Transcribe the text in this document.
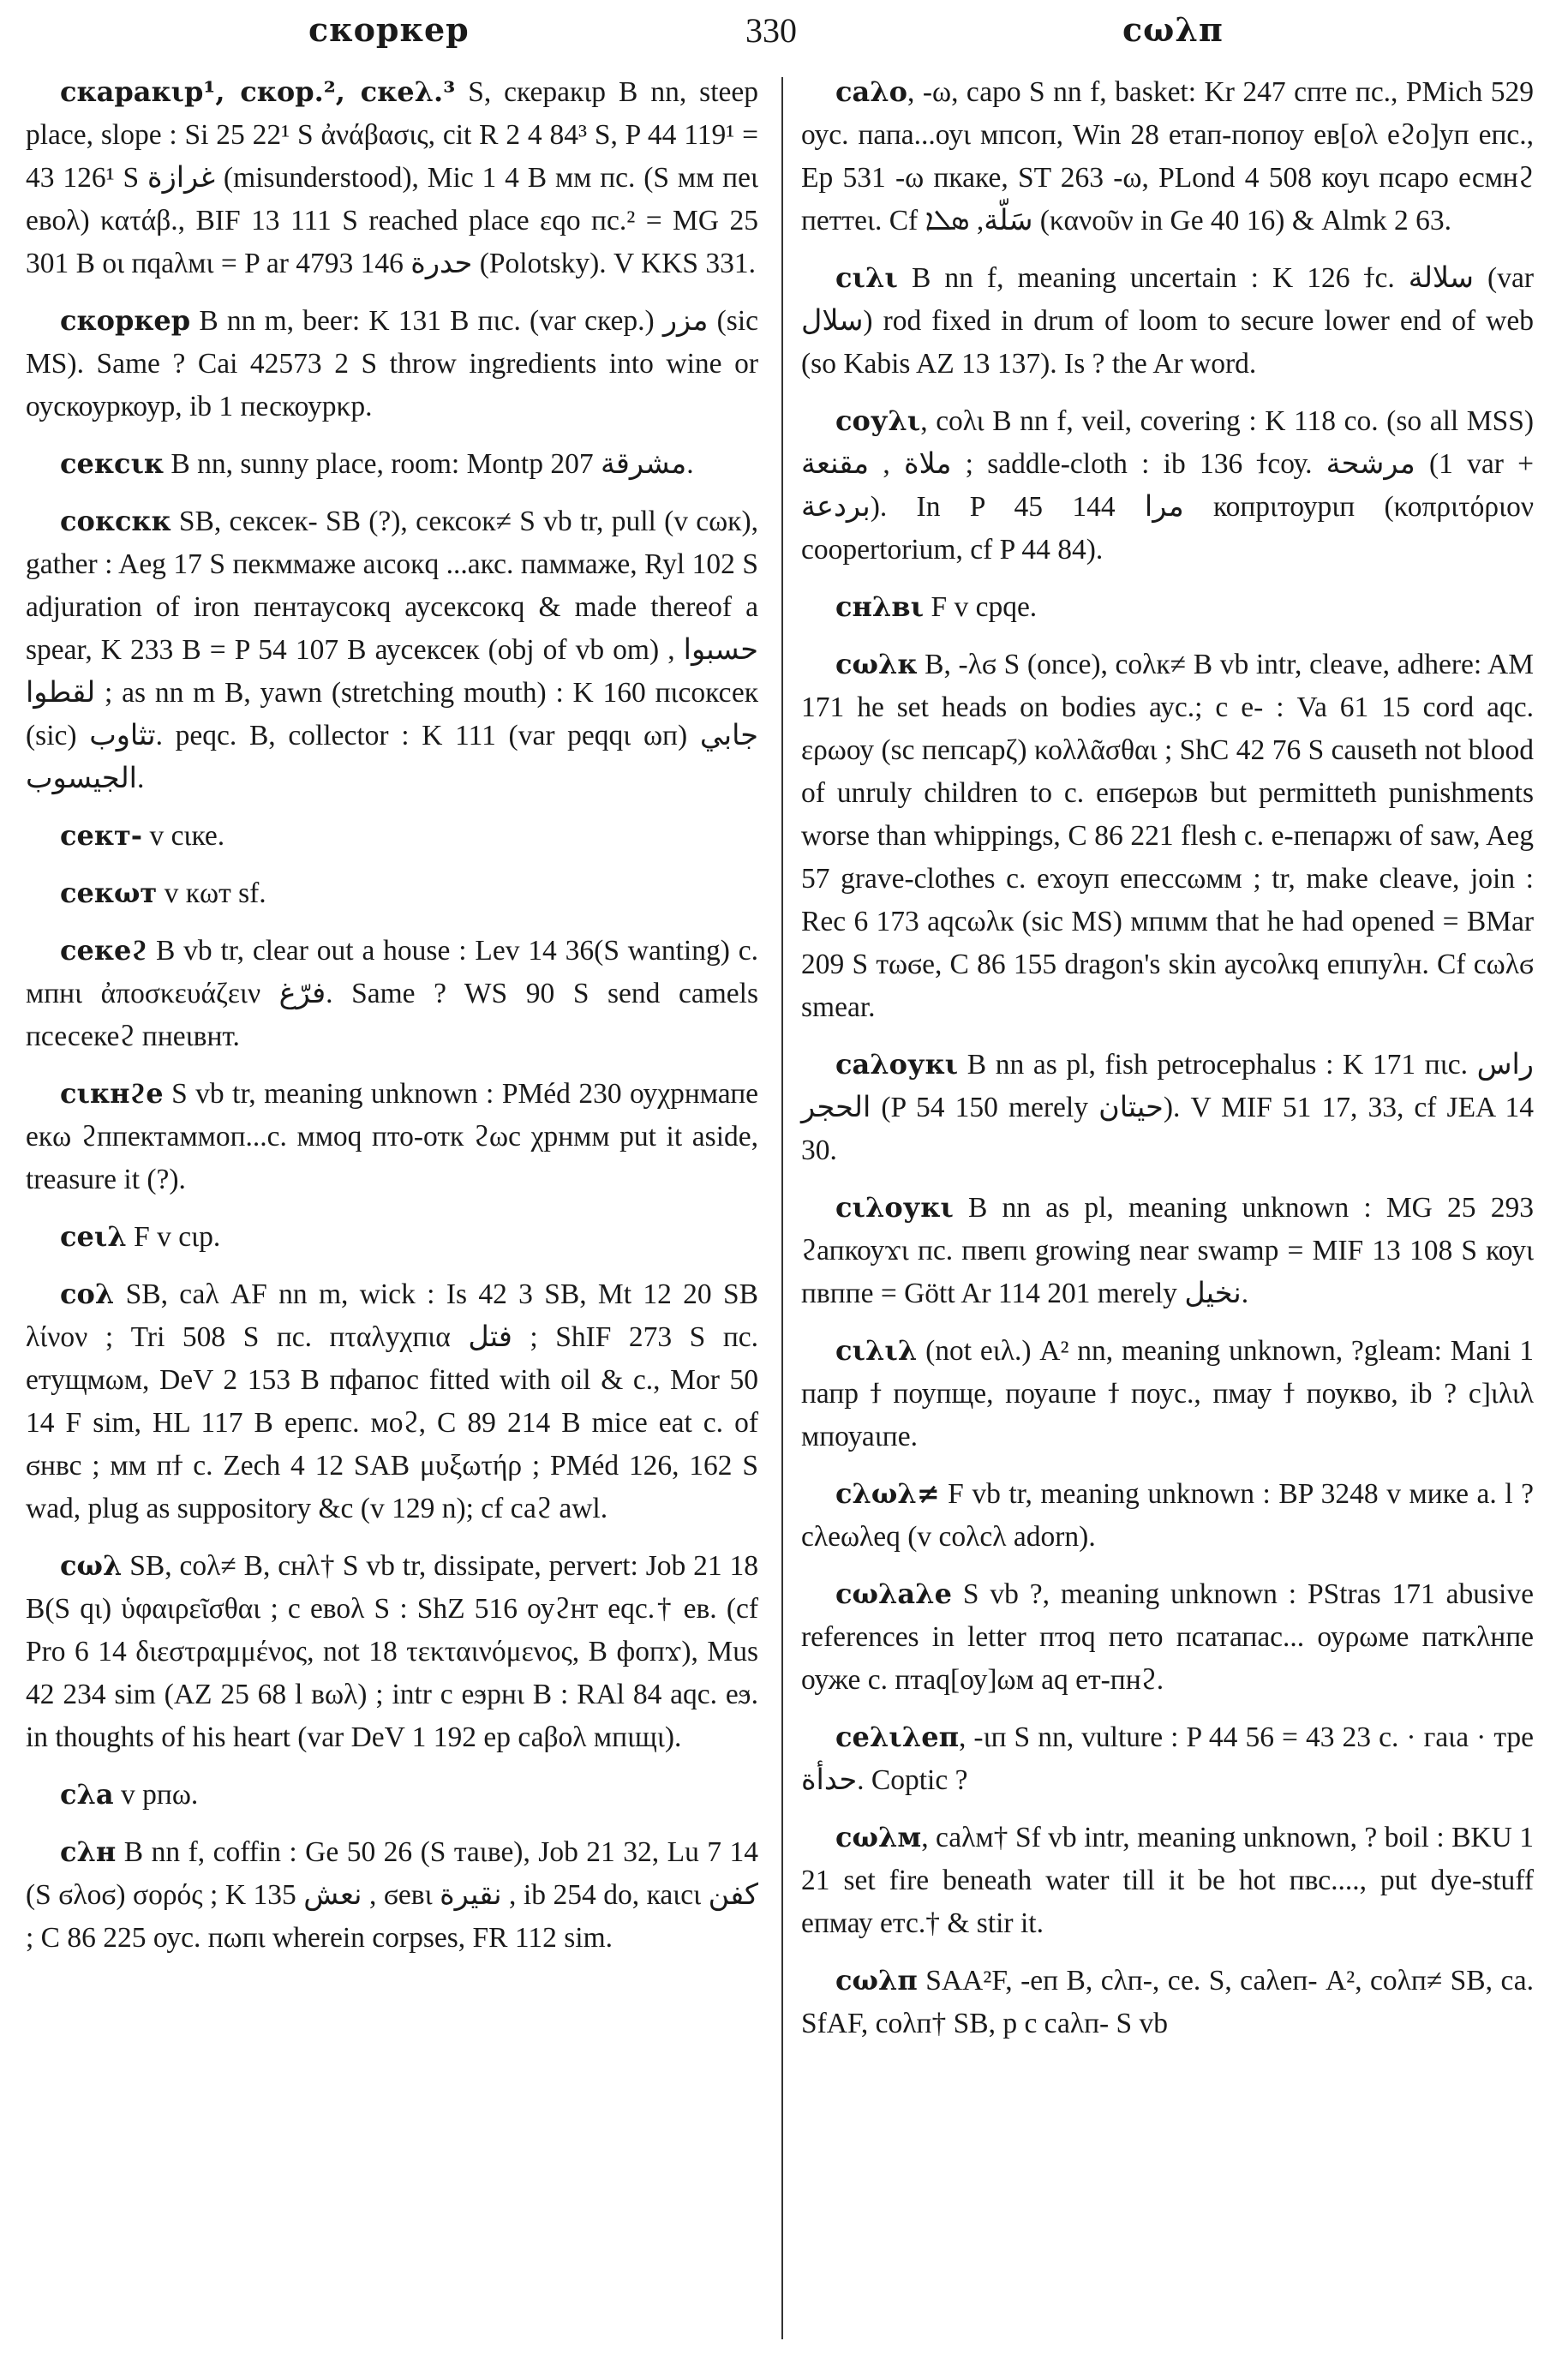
скоркер	330	сωλπ

скаракιр¹, скор.², скеλ.³ S, скеракιр B nn, steep place, slope : Si 25 22¹ S ἀνάβασις, cit R 2 4 84³ S, P 44 119¹ = 43 126¹ S غرازة (misunderstood), Mic 1 4 B мм пс. (S мм пеι евоλ) κατάβ., BIF 13 111 S reached place εqo пс.² = MG 25 301 B οι пqаλмι = P ar 4793 146 حدرة (Polotsky). V KKS 331.

скоркер B nn m, beer: K 131 B пιс. (var скер.) مزر (sic MS). Same ? Cai 42573 2 S throw ingredients into wine or оускоуркоур, ib 1 пескоурκр.

сексιк B nn, sunny place, room: Montp 207 مشرقة.

сокскк SB, сексек- SB (?), сексок≠ S vb tr, pull (v сωк), gather : Aeg 17 S пекммаже аιсокq ...акс. паммаже, Ryl 102 S adjuration of iron пентаусокq аусексокq & made thereof a spear, K 233 B = P 54 107 B аусексек (obj of vb om) حسبوا , لقطوا ; as nn m B, yawn (stretching mouth) : K 160 пιсоксек (sic) تثاوب. реqс. B, collector : K 111 (var реqqι ωп) جابي الجيسوب.

сект- v сιке.

секωт v кωт sf.

секеϩ B vb tr, clear out a house : Lev 14 36(S wanting) с. мпнι ἀποσκευάζειν فرّغ. Same ? WS 90 S send camels псесекеϩ пнеιвнт.

сιкнϩе S vb tr, meaning unknown : PMéd 230 оуχрнмапе екω ϩппектаммоп...с. ммоq пто-отк ϩωс χрнмм put it aside, treasure it (?).

сеιλ F v сιр.

соλ SB, саλ AF nn m, wick : Is 42 3 SB, Mt 12 20 SB λίνον ; Tri 508 S пс. пταλуχпια فتل ; ShIF 273 S пс. етущмωм, DeV 2 153 B пфапос fitted with oil & c., Mor 50 14 F sim, HL 117 B ерепс. моϩ, C 89 214 B mice eat c. of ϭнвс ; мм пϯ с. Zech 4 12 SAB μυξωτήρ ; PMéd 126, 162 S wad, plug as suppository &c (v 129 n); cf саϩ awl.

сωλ SB, соλ≠ B, снλ† S vb tr, dissipate, pervert: Job 21 18 B(S qι) ὑφαιρεῖσθαι ; с евоλ S : ShZ 516 оуϩнт еqс.† ев. (cf Pro 6 14 διεστραμμένος, not 18 τεκταινόμενος, B фопϫ), Mus 42 234 sim (AZ 25 68 l вωλ) ; intr с еϧрнι B : RAl 84 аqс. еϧ. in thoughts of his heart (var DeV 1 192 ер саβоλ мпιщι).

сλа v рпω.

сλн B nn f, coffin : Ge 50 26 (S таιве), Job 21 32, Lu 7 14 (S ϭλоϭ) σορός ; K 135 نعش , ϭевι نقيرة , ib 254 do, каιсι كفن ; C 86 225 оус. пωпι wherein corpses, FR 112 sim.

саλо, -ω, саро S nn f, basket: Kr 247 спте пс., PMich 529 оус. папа...оуι мпсоп, Win 28 етап-попоу ев[оλ еϩо]уп епс., Ep 531 -ω пкаке, ST 263 -ω, PLond 4 508 коуι псаро есмнϩ петтеι. Cf سَلّة, ܣܠܐ (κανοῦν in Ge 40 16) & Almk 2 63.

сιλι B nn f, meaning uncertain : K 126 ϯс. سلالة (var سلال) rod fixed in drum of loom to secure lower end of web (so Kabis AZ 13 137). Is ? the Ar word.

соуλι, соλι B nn f, veil, covering : K 118 со. (so all MSS) ملاة , مقنعة ; saddle-cloth : ib 136 ϯсоу. مرشحة (1 var + بردعة). In P 45 144 مرا копрιтоурιп (κοπριτόριον coopertorium, cf P 44 84).

снλвι F v срqе.

сωλк B, -λϭ S (once), соλк≠ B vb intr, cleave, adhere: AM 171 he set heads on bodies аус.; с е- : Va 61 15 cord аqс. ερωоу (sc пепсарζ) κολλᾶσθαι ; ShC 42 76 S causeth not blood of unruly children to с. епϭерωв but permitteth punishments worse than whippings, C 86 221 flesh с. е-пепаρжι of saw, Aeg 57 grave-clothes с. еϫоуп епессωмм ; tr, make cleave, join : Rec 6 173 аqсωλк (sic MS) мпιмм that he had opened = BMar 209 S тωϭе, C 86 155 dragon's skin аусоλкq епιпуλн. Cf сωλϭ smear.

саλоукι B nn as pl, fish petrocephalus : K 171 пιс. راس الحجر (P 54 150 merely حيتان). V MIF 51 17, 33, cf JEA 14 30.

сιλоукι B nn as pl, meaning unknown : MG 25 293 ϩапкоуϫι пс. пвепι growing near swamp = MIF 13 108 S коуι пвппе = Gött Ar 114 201 merely نخيل.

сιλιλ (not еιλ.) A² nn, meaning unknown, ?gleam: Mani 1 папр ϯ поупщe, поуаιпе ϯ поус., пмау ϯ поукво, ib ? с]ιλιλ мпоуаιпе.

сλωλ≠ F vb tr, meaning unknown : BP 3248 v мике а. l ? сλеωλеq (v соλсλ adorn).

сωλаλе S vb ?, meaning unknown : PStras 171 abusive references in letter птоq пето псатапас... оуρωме патκλнпе оуже с. птаq[оу]ωм аq ет-пнϩ.

сеλιλеп, -ιп S nn, vulture : P 44 56 = 43 23 с. · гаιа · тре حدأة. Coptic ?

сωλм, саλм† Sf vb intr, meaning unknown, ? boil : BKU 1 21 set fire beneath water till it be hot пвс...., put dye-stuff епмау етс.† & stir it.

сωλп SAA²F, -еп B, сλп-, се. S, саλеп- A², соλп≠ SB, са. SfAF, соλп† SB, p c саλп- S vb
